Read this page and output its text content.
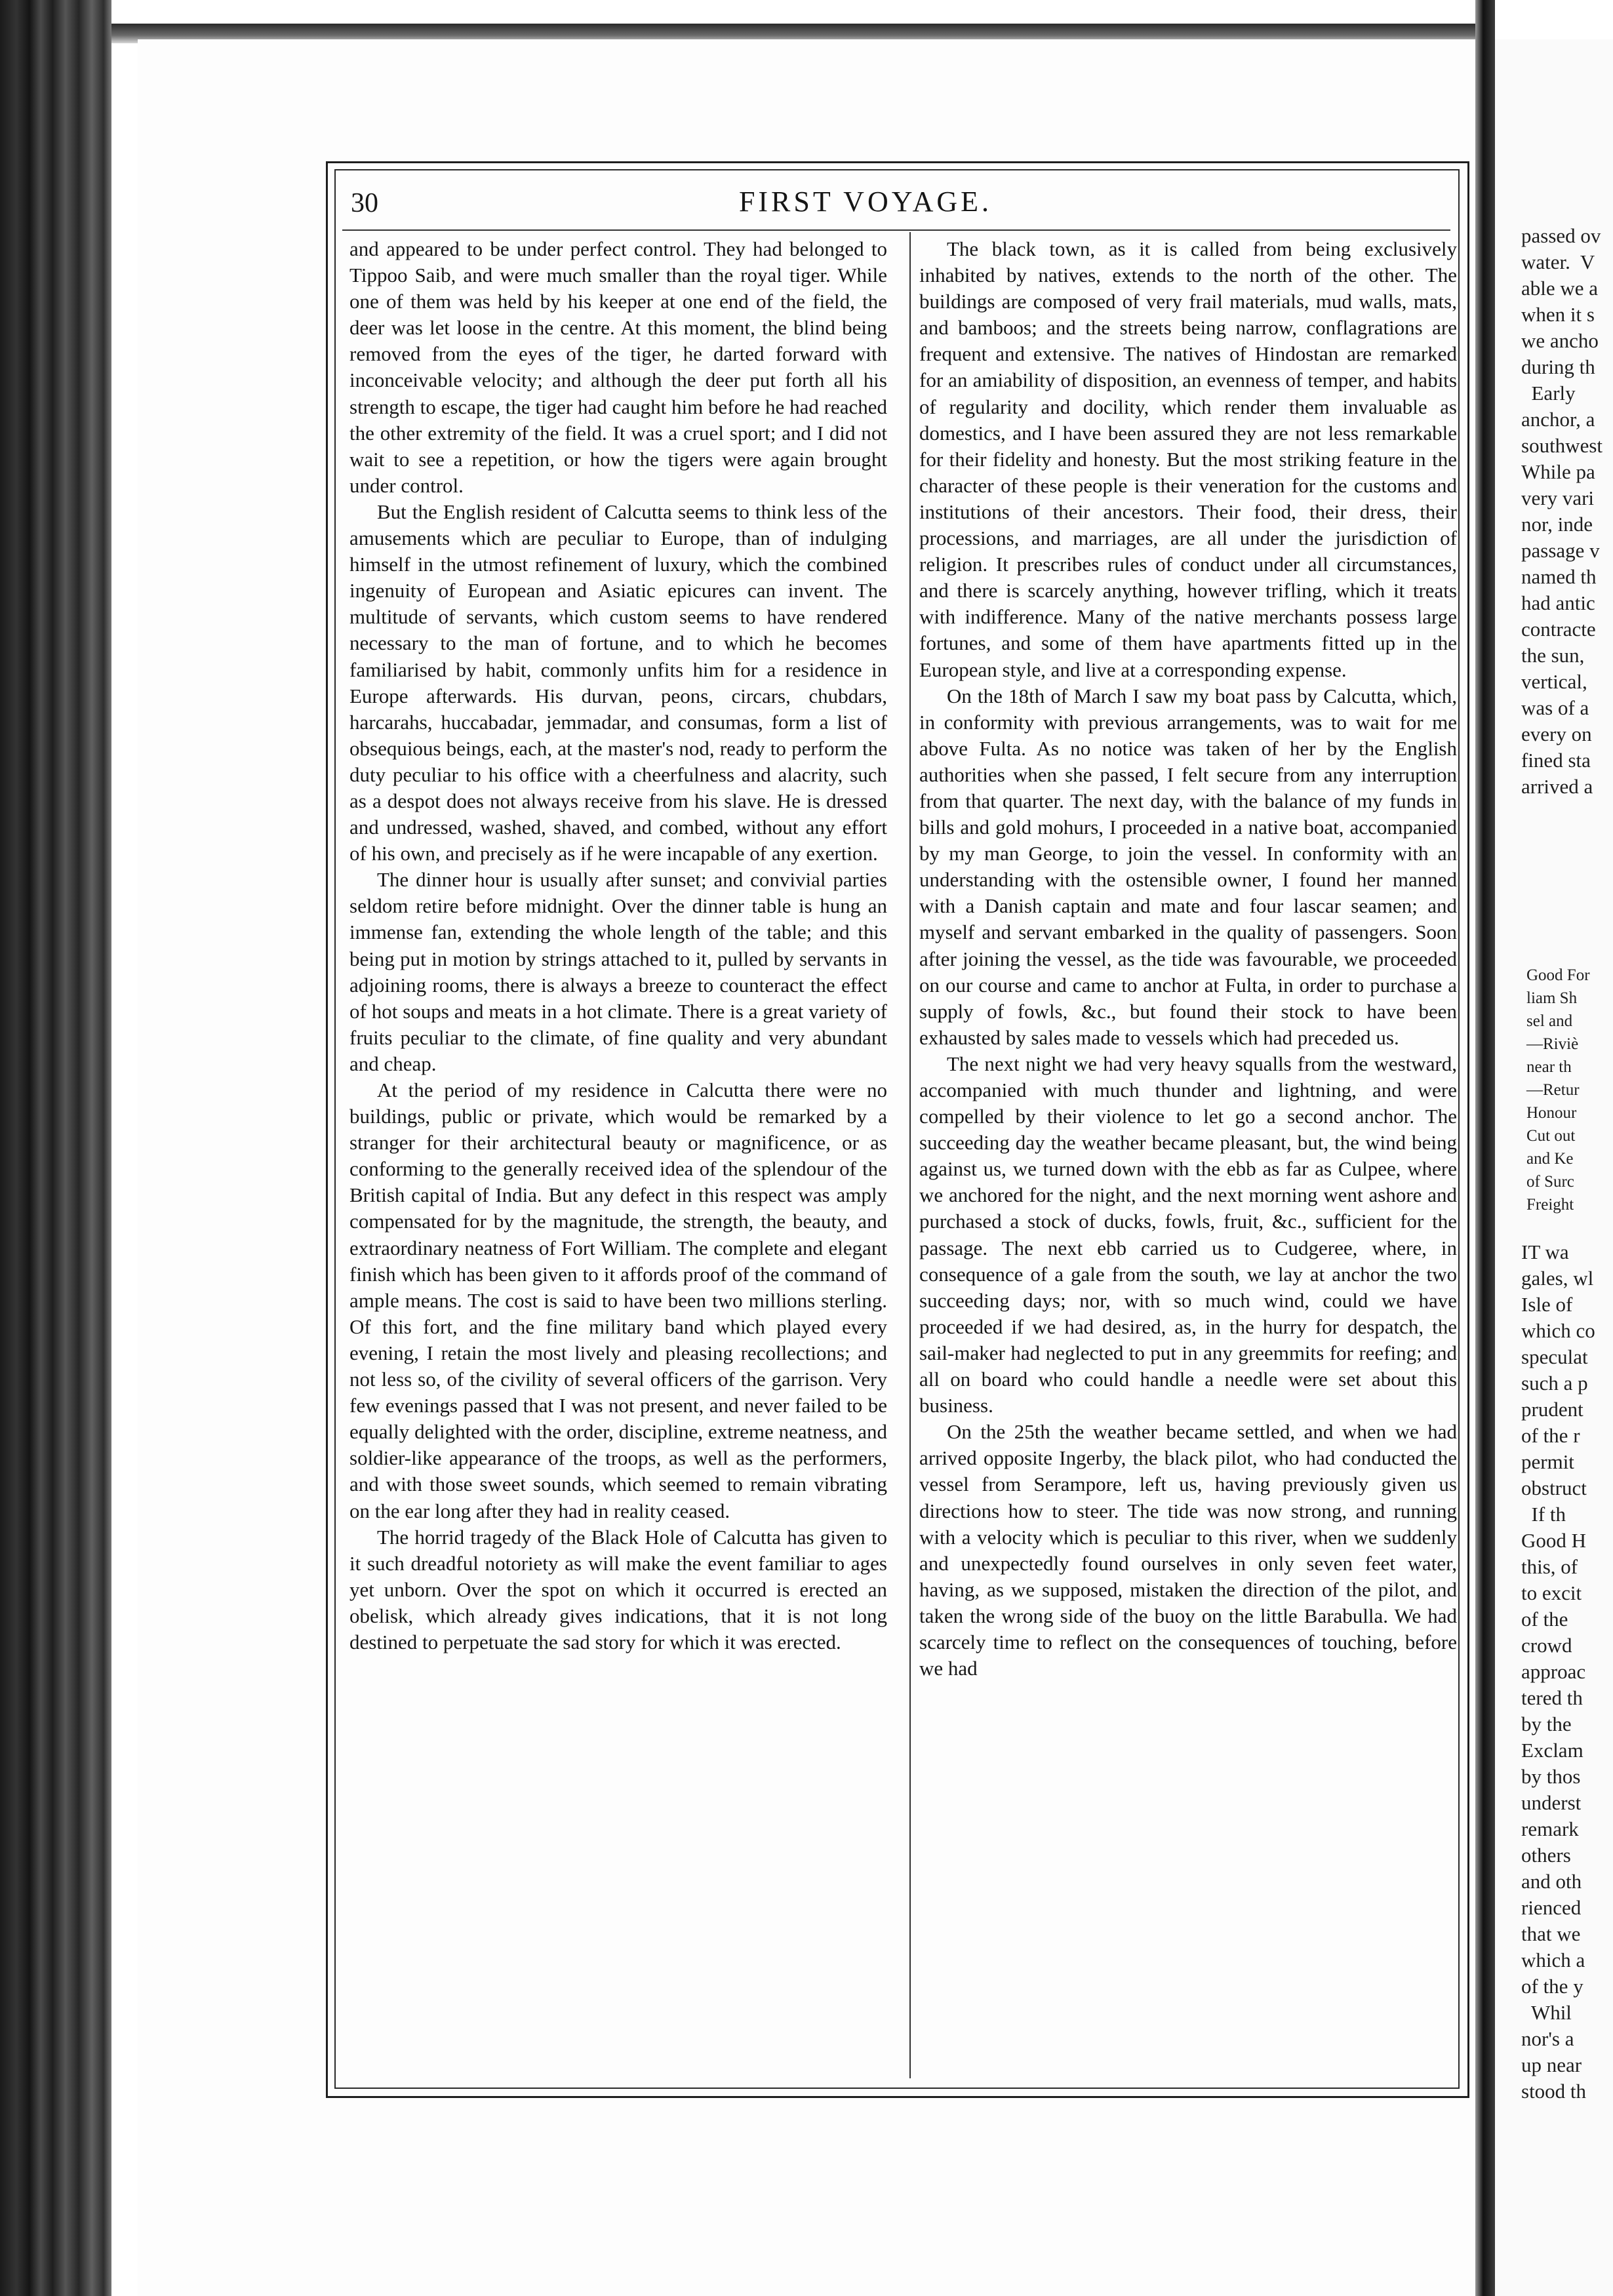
passed ov
water.  V
able we a
when it s
we ancho
during th
Early
anchor, a
southwest
While pa
very vari
nor, inde
passage v
named th
had antic
contracte
the sun,
vertical,
was of a
every on
fined sta
arrived a
Good For
liam Sh
sel and
—Riviè
near th
—Retur
Honour
Cut out
and Ke
of Surc
Freight
IT wa
gales, wl
Isle of
which co
speculat
such a p
prudent
of the r
permit
obstruct
If th
Good H
this, of
to excit
of the
crowd
approac
tered th
by the
Exclam
by thos
underst
remark
others
and oth
rienced
that we
which a
of the y
Whil
nor's a
up near
stood th
30	FIRST VOYAGE.

and appeared to be under perfect control. They had belonged to Tippoo Saib, and were much smaller than the royal tiger. While one of them was held by his keeper at one end of the field, the deer was let loose in the centre. At this moment, the blind being removed from the eyes of the tiger, he darted forward with inconceivable velocity; and although the deer put forth all his strength to escape, the tiger had caught him before he had reached the other extremity of the field. It was a cruel sport; and I did not wait to see a repetition, or how the tigers were again brought under control.

But the English resident of Calcutta seems to think less of the amusements which are peculiar to Europe, than of indulging himself in the utmost refinement of luxury, which the combined ingenuity of European and Asiatic epicures can invent. The multitude of servants, which custom seems to have rendered necessary to the man of fortune, and to which he becomes familiarised by habit, commonly unfits him for a residence in Europe afterwards. His durvan, peons, circars, chubdars, harcarahs, huccabadar, jemmadar, and consumas, form a list of obsequious beings, each, at the master's nod, ready to perform the duty peculiar to his office with a cheerfulness and alacrity, such as a despot does not always receive from his slave. He is dressed and undressed, washed, shaved, and combed, without any effort of his own, and precisely as if he were incapable of any exertion.

The dinner hour is usually after sunset; and convivial parties seldom retire before midnight. Over the dinner table is hung an immense fan, extending the whole length of the table; and this being put in motion by strings attached to it, pulled by servants in adjoining rooms, there is always a breeze to counteract the effect of hot soups and meats in a hot climate. There is a great variety of fruits peculiar to the climate, of fine quality and very abundant and cheap.

At the period of my residence in Calcutta there were no buildings, public or private, which would be remarked by a stranger for their architectural beauty or magnificence, or as conforming to the generally received idea of the splendour of the British capital of India. But any defect in this respect was amply compensated for by the magnitude, the strength, the beauty, and extraordinary neatness of Fort William. The complete and elegant finish which has been given to it affords proof of the command of ample means. The cost is said to have been two millions sterling. Of this fort, and the fine military band which played every evening, I retain the most lively and pleasing recollections; and not less so, of the civility of several officers of the garrison. Very few evenings passed that I was not present, and never failed to be equally delighted with the order, discipline, extreme neatness, and soldier-like appearance of the troops, as well as the performers, and with those sweet sounds, which seemed to remain vibrating on the ear long after they had in reality ceased.

The horrid tragedy of the Black Hole of Calcutta has given to it such dreadful notoriety as will make the event familiar to ages yet unborn. Over the spot on which it occurred is erected an obelisk, which already gives indications, that it is not long destined to perpetuate the sad story for which it was erected.

The black town, as it is called from being exclusively inhabited by natives, extends to the north of the other. The buildings are composed of very frail materials, mud walls, mats, and bamboos; and the streets being narrow, conflagrations are frequent and extensive. The natives of Hindostan are remarked for an amiability of disposition, an evenness of temper, and habits of regularity and docility, which render them invaluable as domestics, and I have been assured they are not less remarkable for their fidelity and honesty. But the most striking feature in the character of these people is their veneration for the customs and institutions of their ancestors. Their food, their dress, their processions, and marriages, are all under the jurisdiction of religion. It prescribes rules of conduct under all circumstances, and there is scarcely anything, however trifling, which it treats with indifference. Many of the native merchants possess large fortunes, and some of them have apartments fitted up in the European style, and live at a corresponding expense.

On the 18th of March I saw my boat pass by Calcutta, which, in conformity with previous arrangements, was to wait for me above Fulta. As no notice was taken of her by the English authorities when she passed, I felt secure from any interruption from that quarter. The next day, with the balance of my funds in bills and gold mohurs, I proceeded in a native boat, accompanied by my man George, to join the vessel. In conformity with an understanding with the ostensible owner, I found her manned with a Danish captain and mate and four lascar seamen; and myself and servant embarked in the quality of passengers. Soon after joining the vessel, as the tide was favourable, we proceeded on our course and came to anchor at Fulta, in order to purchase a supply of fowls, &c., but found their stock to have been exhausted by sales made to vessels which had preceded us.

The next night we had very heavy squalls from the westward, accompanied with much thunder and lightning, and were compelled by their violence to let go a second anchor. The succeeding day the weather became pleasant, but, the wind being against us, we turned down with the ebb as far as Culpee, where we anchored for the night, and the next morning went ashore and purchased a stock of ducks, fowls, fruit, &c., sufficient for the passage. The next ebb carried us to Cudgeree, where, in consequence of a gale from the south, we lay at anchor the two succeeding days; nor, with so much wind, could we have proceeded if we had desired, as, in the hurry for despatch, the sail-maker had neglected to put in any greemmits for reefing; and all on board who could handle a needle were set about this business.

On the 25th the weather became settled, and when we had arrived opposite Ingerby, the black pilot, who had conducted the vessel from Serampore, left us, having previously given us directions how to steer. The tide was now strong, and running with a velocity which is peculiar to this river, when we suddenly and unexpectedly found ourselves in only seven feet water, having, as we supposed, mistaken the direction of the pilot, and taken the wrong side of the buoy on the little Barabulla. We had scarcely time to reflect on the consequences of touching, before we had
